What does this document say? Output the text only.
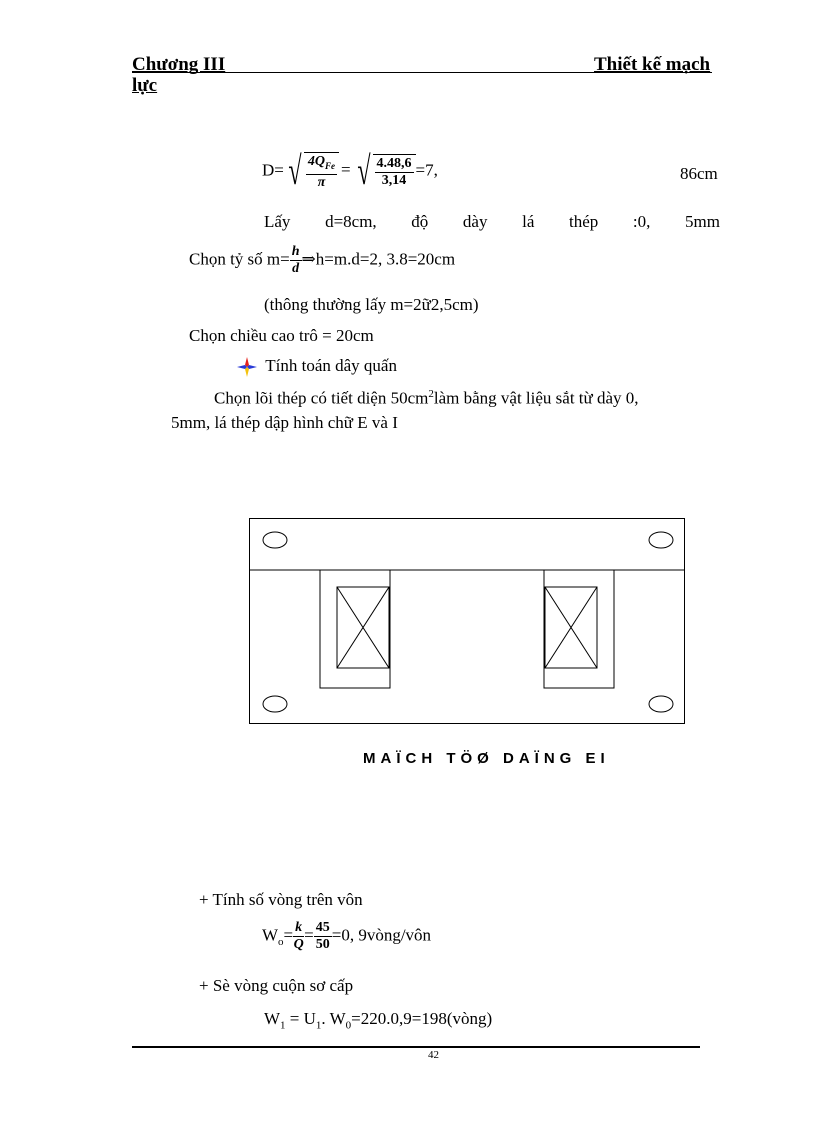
Chương III	Thiết kế mạch
lực
D= √ $\frac{4Q_{Fe}}{\pi}$ = √ $\frac{4.48,6}{3,14} =7$,	86cm
Lấy d=8cm, độ dày lá thép :0, 5mm
Chọn tỷ số $m= \frac{h}{d}$ ⇒h=m.d=2, 3.8=20cm
(thông thường lấy m=2ữ2,5cm)
Chọn chiều cao trô = 20cm
Tính toán dây quấn
Chọn lõi thép có tiết diện $50cm^2làm$ bằng vật liệu sắt từ dày 0,
5mm, lá thép dập hình chữ E và I
MAÏCH TÖØ DAÏNG EI
+ Tính số vòng trên vôn
$W_o= \frac{k}{Q} = \frac{45}{50} =0$, 9vòng/vôn
+ Sè vòng cuộn sơ cấp
$W_1 = U_1$. $W_0=220.0,9=198(vòng)$
42
